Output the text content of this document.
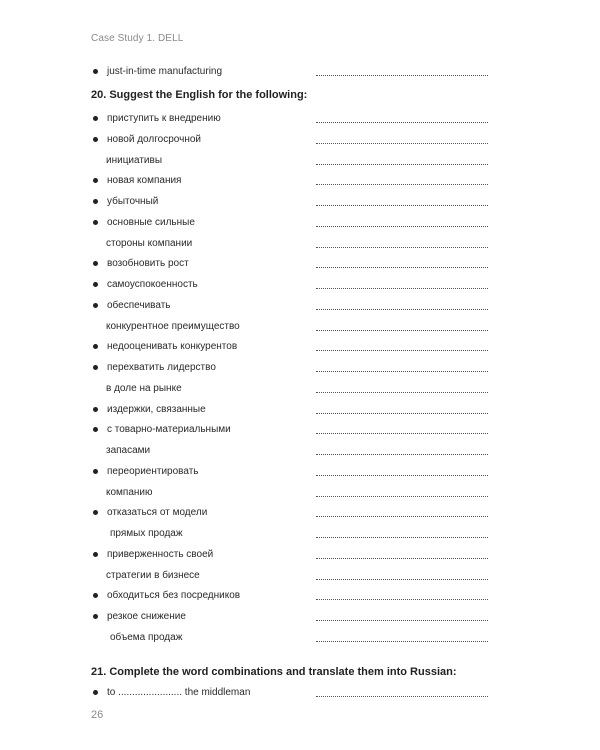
Case Study 1. DELL
just-in-time manufacturing
20. Suggest the English for the following:
приступить к внедрению
новой долгосрочной
инициативы
новая компания
убыточный
основные сильные
стороны компании
возобновить рост
самоуспокоенность
обеспечивать
конкурентное преимущество
недооценивать конкурентов
перехватить лидерство
в доле на рынке
издержки, связанные
с товарно-материальными
запасами
переориентировать
компанию
отказаться от модели
прямых продаж
приверженность своей
стратегии в бизнесе
обходиться без посредников
резкое снижение
объема продаж
21. Complete the word combinations and translate them into Russian:
to ....................... the middleman
26
